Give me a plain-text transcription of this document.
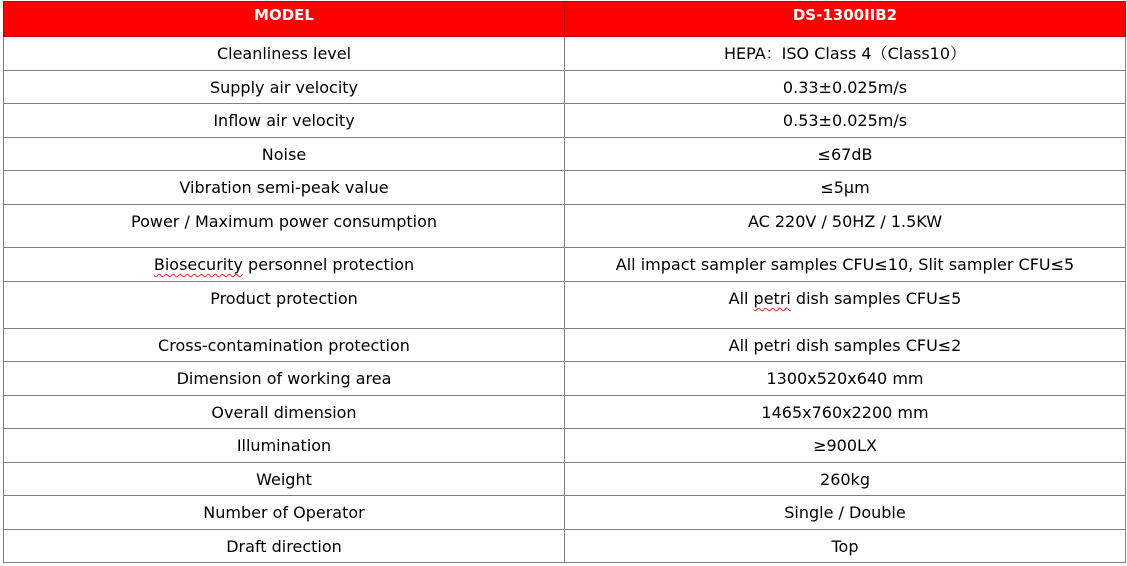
MODEL	DS-1300IIB2
Cleanliness level	HEPA：ISO Class 4（Class10）
Supply air velocity	0.33±0.025m/s
Inflow air velocity	0.53±0.025m/s
Noise	≤67dB
Vibration semi-peak value	≤5μm
Power / Maximum power consumption	AC 220V / 50HZ / 1.5KW
Biosecurity personnel protection	All impact sampler samples CFU≤10, Slit sampler CFU≤5
Product protection	All petri dish samples CFU≤5
Cross-contamination protection	All petri dish samples CFU≤2
Dimension of working area	1300x520x640 mm
Overall dimension	1465x760x2200 mm
Illumination	≥900LX
Weight	260kg
Number of Operator	Single / Double
Draft direction	Top
